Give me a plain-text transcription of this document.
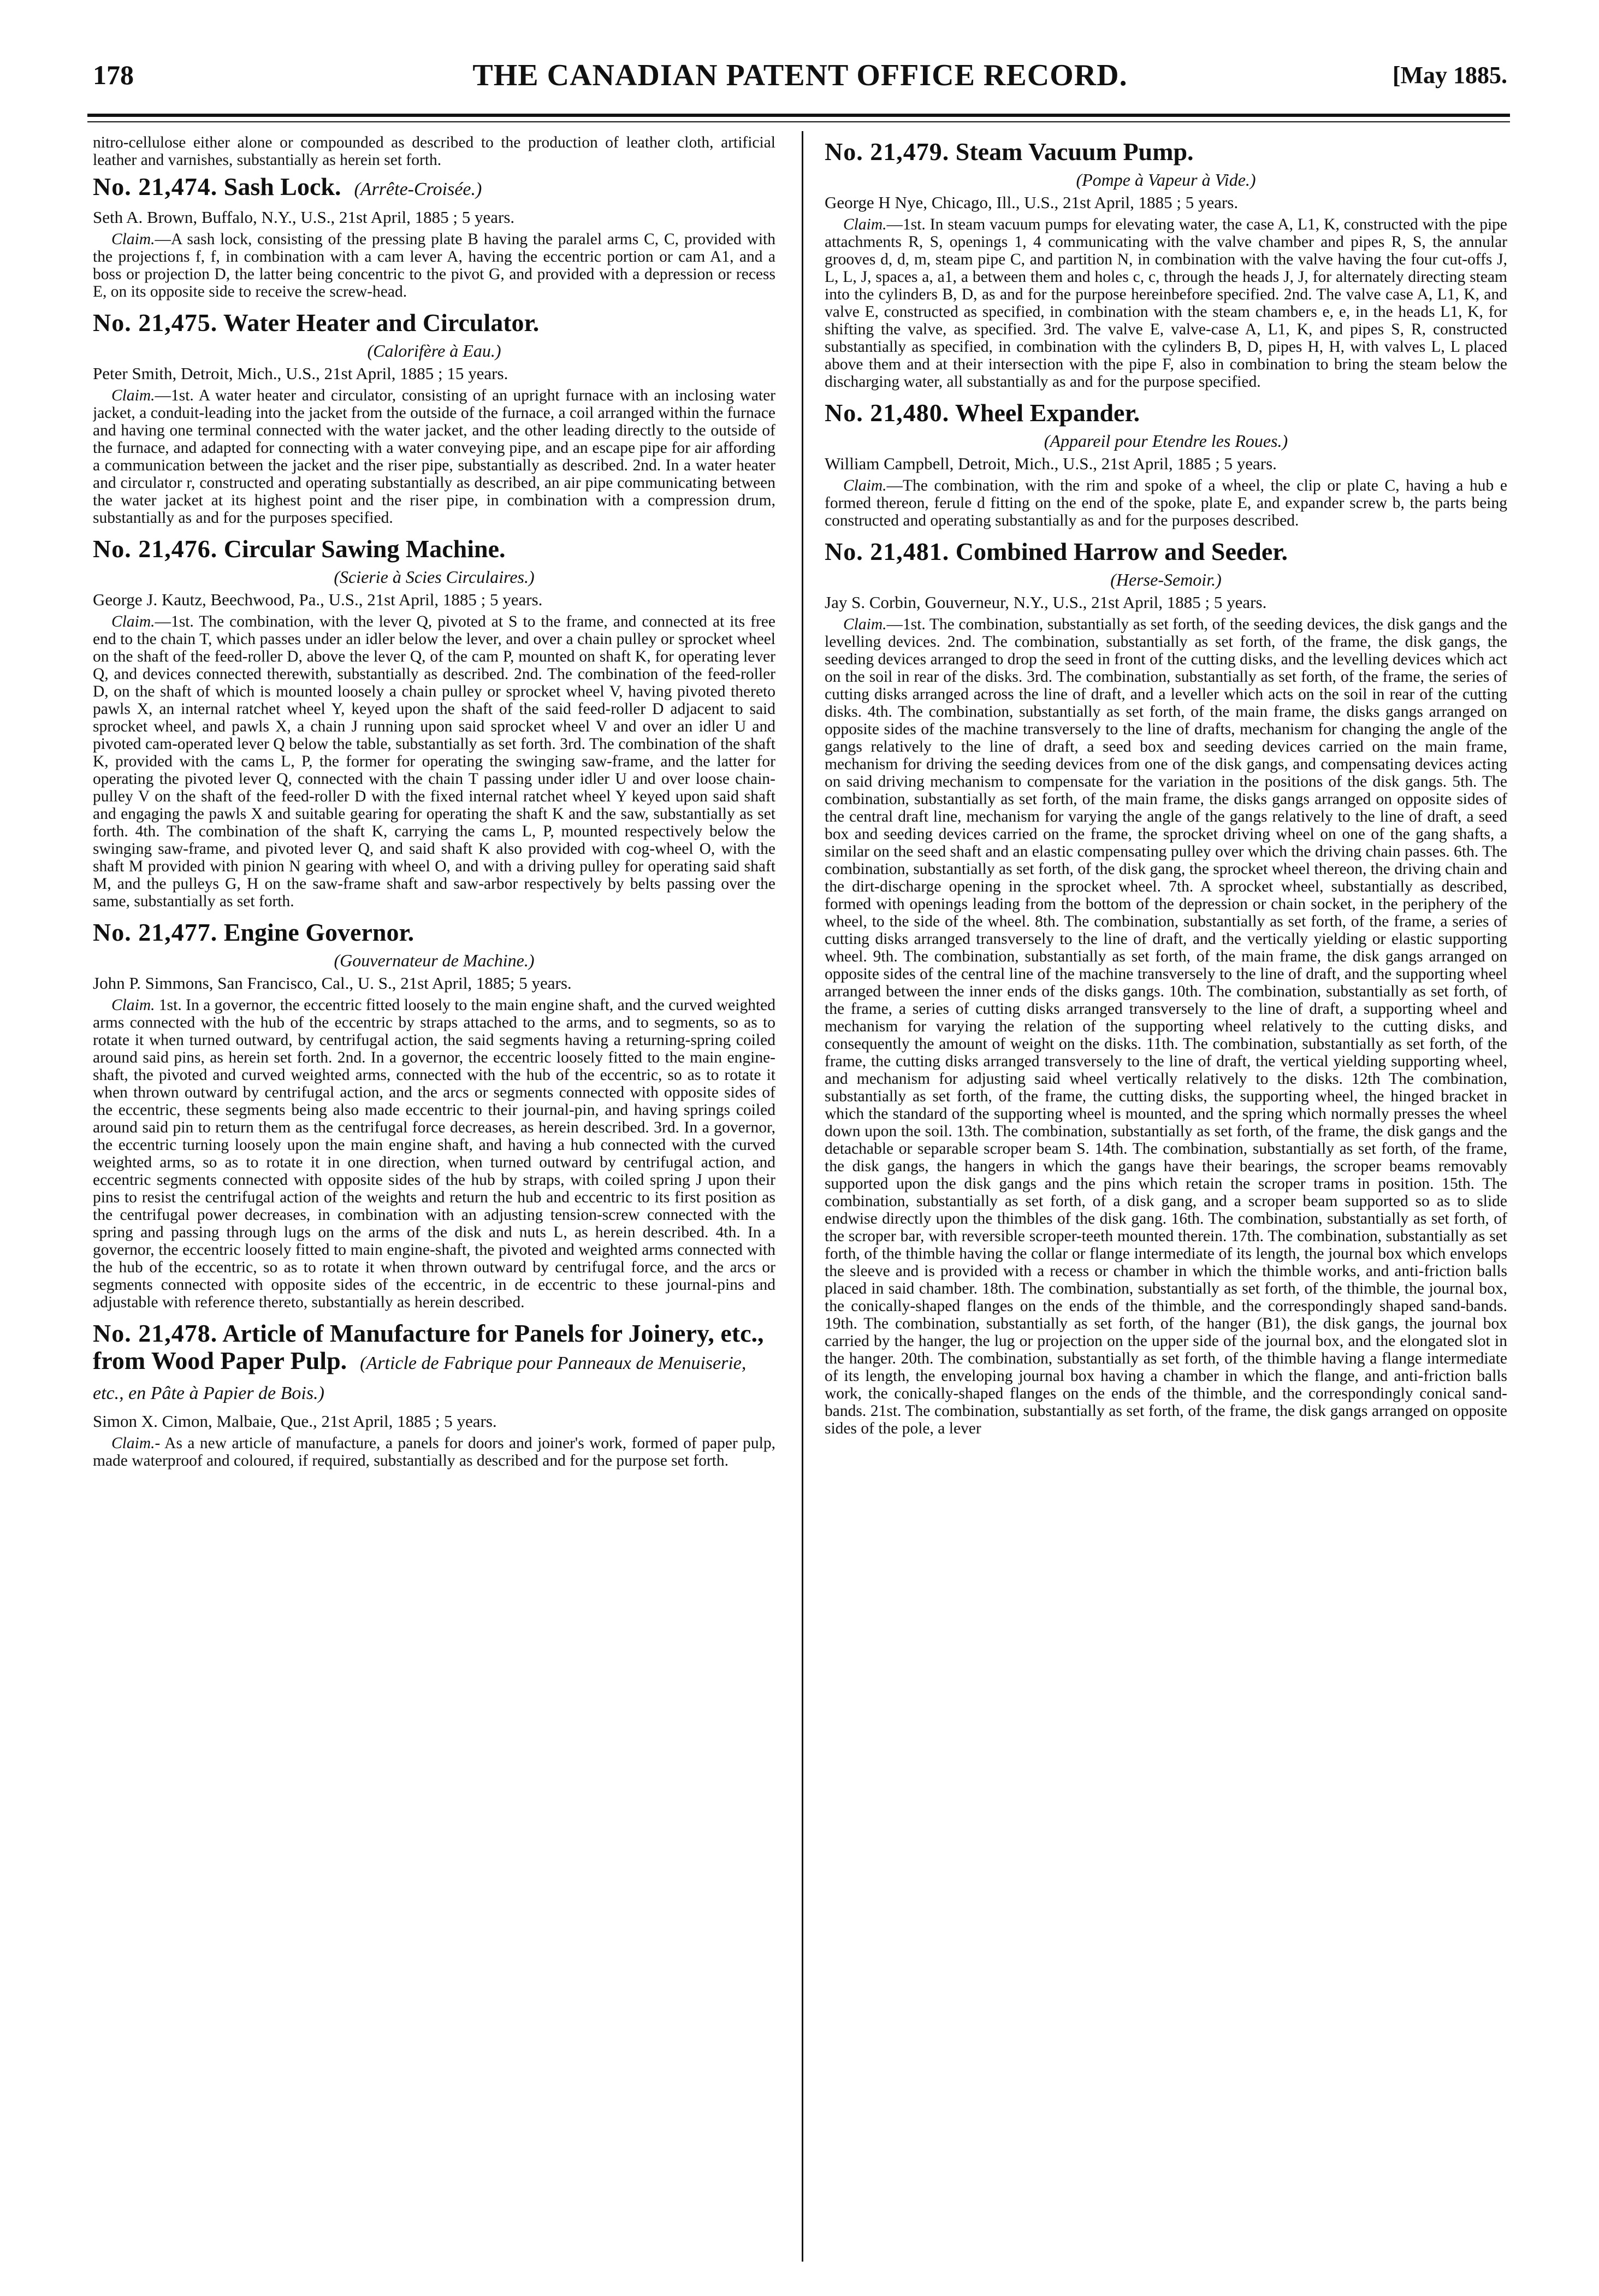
178	THE CANADIAN PATENT OFFICE RECORD.	[May 1885.

nitro-cellulose either alone or compounded as described to the production of leather cloth, artificial leather and varnishes, substantially as herein set forth.

No. 21,474. Sash Lock. (Arrête-Croisée.)

Seth A. Brown, Buffalo, N.Y., U.S., 21st April, 1885 ; 5 years.

Claim.—A sash lock, consisting of the pressing plate B having the paralel arms C, C, provided with the projections f, f, in combination with a cam lever A, having the eccentric portion or cam A1, and a boss or projection D, the latter being concentric to the pivot G, and provided with a depression or recess E, on its opposite side to receive the screw-head.

No. 21,475. Water Heater and Circulator.

(Calorifère à Eau.)

Peter Smith, Detroit, Mich., U.S., 21st April, 1885 ; 15 years.

Claim.—1st. A water heater and circulator, consisting of an upright furnace with an inclosing water jacket, a conduit-leading into the jacket from the outside of the furnace, a coil arranged within the furnace and having one terminal connected with the water jacket, and the other leading directly to the outside of the furnace, and adapted for connecting with a water conveying pipe, and an escape pipe for air affording a communication between the jacket and the riser pipe, substantially as described. 2nd. In a water heater and circulator r, constructed and operating substantially as described, an air pipe communicating between the water jacket at its highest point and the riser pipe, in combination with a compression drum, substantially as and for the purposes specified.

No. 21,476. Circular Sawing Machine.

(Scierie à Scies Circulaires.)

George J. Kautz, Beechwood, Pa., U.S., 21st April, 1885 ; 5 years.

Claim.—1st. The combination, with the lever Q, pivoted at S to the frame, and connected at its free end to the chain T, which passes under an idler below the lever, and over a chain pulley or sprocket wheel on the shaft of the feed-roller D, above the lever Q, of the cam P, mounted on shaft K, for operating lever Q, and devices connected therewith, substantially as described. 2nd. The combination of the feed-roller D, on the shaft of which is mounted loosely a chain pulley or sprocket wheel V, having pivoted thereto pawls X, an internal ratchet wheel Y, keyed upon the shaft of the said feed-roller D adjacent to said sprocket wheel, and pawls X, a chain J running upon said sprocket wheel V and over an idler U and pivoted cam-operated lever Q below the table, substantially as set forth. 3rd. The combination of the shaft K, provided with the cams L, P, the former for operating the swinging saw-frame, and the latter for operating the pivoted lever Q, connected with the chain T passing under idler U and over loose chain-pulley V on the shaft of the feed-roller D with the fixed internal ratchet wheel Y keyed upon said shaft and engaging the pawls X and suitable gearing for operating the shaft K and the saw, substantially as set forth. 4th. The combination of the shaft K, carrying the cams L, P, mounted respectively below the swinging saw-frame, and pivoted lever Q, and said shaft K also provided with cog-wheel O, with the shaft M provided with pinion N gearing with wheel O, and with a driving pulley for operating said shaft M, and the pulleys G, H on the saw-frame shaft and saw-arbor respectively by belts passing over the same, substantially as set forth.

No. 21,477. Engine Governor.

(Gouvernateur de Machine.)

John P. Simmons, San Francisco, Cal., U. S., 21st April, 1885; 5 years.

Claim. 1st. In a governor, the eccentric fitted loosely to the main engine shaft, and the curved weighted arms connected with the hub of the eccentric by straps attached to the arms, and to segments, so as to rotate it when turned outward, by centrifugal action, the said segments having a returning-spring coiled around said pins, as herein set forth. 2nd. In a governor, the eccentric loosely fitted to the main engine-shaft, the pivoted and curved weighted arms, connected with the hub of the eccentric, so as to rotate it when thrown outward by centrifugal action, and the arcs or segments connected with opposite sides of the eccentric, these segments being also made eccentric to their journal-pin, and having springs coiled around said pin to return them as the centrifugal force decreases, as herein described. 3rd. In a governor, the eccentric turning loosely upon the main engine shaft, and having a hub connected with the curved weighted arms, so as to rotate it in one direction, when turned outward by centrifugal action, and eccentric segments connected with opposite sides of the hub by straps, with coiled spring J upon their pins to resist the centrifugal action of the weights and return the hub and eccentric to its first position as the centrifugal power decreases, in combination with an adjusting tension-screw connected with the spring and passing through lugs on the arms of the disk and nuts L, as herein described. 4th. In a governor, the eccentric loosely fitted to main engine-shaft, the pivoted and weighted arms connected with the hub of the eccentric, so as to rotate it when thrown outward by centrifugal force, and the arcs or segments connected with opposite sides of the eccentric, in de eccentric to these journal-pins and adjustable with reference thereto, substantially as herein described.

No. 21,478. Article of Manufacture for Panels for Joinery, etc., from Wood Paper Pulp. (Article de Fabrique pour Panneaux de Menuiserie, etc., en Pâte à Papier de Bois.)

Simon X. Cimon, Malbaie, Que., 21st April, 1885 ; 5 years.

Claim.- As a new article of manufacture, a panels for doors and joiner's work, formed of paper pulp, made waterproof and coloured, if required, substantially as described and for the purpose set forth.

No. 21,479. Steam Vacuum Pump.

(Pompe à Vapeur à Vide.)

George H Nye, Chicago, Ill., U.S., 21st April, 1885 ; 5 years.

Claim.—1st. In steam vacuum pumps for elevating water, the case A, L1, K, constructed with the pipe attachments R, S, openings 1, 4 communicating with the valve chamber and pipes R, S, the annular grooves d, d, m, steam pipe C, and partition N, in combination with the valve having the four cut-offs J, L, L, J, spaces a, a1, a between them and holes c, c, through the heads J, J, for alternately directing steam into the cylinders B, D, as and for the purpose hereinbefore specified. 2nd. The valve case A, L1, K, and valve E, constructed as specified, in combination with the steam chambers e, e, in the heads L1, K, for shifting the valve, as specified. 3rd. The valve E, valve-case A, L1, K, and pipes S, R, constructed substantially as specified, in combination with the cylinders B, D, pipes H, H, with valves L, L placed above them and at their intersection with the pipe F, also in combination to bring the steam below the discharging water, all substantially as and for the purpose specified.

No. 21,480. Wheel Expander.

(Appareil pour Etendre les Roues.)

William Campbell, Detroit, Mich., U.S., 21st April, 1885 ; 5 years.

Claim.—The combination, with the rim and spoke of a wheel, the clip or plate C, having a hub e formed thereon, ferule d fitting on the end of the spoke, plate E, and expander screw b, the parts being constructed and operating substantially as and for the purposes described.

No. 21,481. Combined Harrow and Seeder.

(Herse-Semoir.)

Jay S. Corbin, Gouverneur, N.Y., U.S., 21st April, 1885 ; 5 years.

Claim.—1st. The combination, substantially as set forth, of the seeding devices, the disk gangs and the levelling devices. 2nd. The combination, substantially as set forth, of the frame, the disk gangs, the seeding devices arranged to drop the seed in front of the cutting disks, and the levelling devices which act on the soil in rear of the disks. 3rd. The combination, substantially as set forth, of the frame, the series of cutting disks arranged across the line of draft, and a leveller which acts on the soil in rear of the cutting disks. 4th. The combination, substantially as set forth, of the main frame, the disks gangs arranged on opposite sides of the machine transversely to the line of drafts, mechanism for changing the angle of the gangs relatively to the line of draft, a seed box and seeding devices carried on the main frame, mechanism for driving the seeding devices from one of the disk gangs, and compensating devices acting on said driving mechanism to compensate for the variation in the positions of the disk gangs. 5th. The combination, substantially as set forth, of the main frame, the disks gangs arranged on opposite sides of the central draft line, mechanism for varying the angle of the gangs relatively to the line of draft, a seed box and seeding devices carried on the frame, the sprocket driving wheel on one of the gang shafts, a similar on the seed shaft and an elastic compensating pulley over which the driving chain passes. 6th. The combination, substantially as set forth, of the disk gang, the sprocket wheel thereon, the driving chain and the dirt-discharge opening in the sprocket wheel. 7th. A sprocket wheel, substantially as described, formed with openings leading from the bottom of the depression or chain socket, in the periphery of the wheel, to the side of the wheel. 8th. The combination, substantially as set forth, of the frame, a series of cutting disks arranged transversely to the line of draft, and the vertically yielding or elastic supporting wheel. 9th. The combination, substantially as set forth, of the main frame, the disk gangs arranged on opposite sides of the central line of the machine transversely to the line of draft, and the supporting wheel arranged between the inner ends of the disks gangs. 10th. The combination, substantially as set forth, of the frame, a series of cutting disks arranged transversely to the line of draft, a supporting wheel and mechanism for varying the relation of the supporting wheel relatively to the cutting disks, and consequently the amount of weight on the disks. 11th. The combination, substantially as set forth, of the frame, the cutting disks arranged transversely to the line of draft, the vertical yielding supporting wheel, and mechanism for adjusting said wheel vertically relatively to the disks. 12th The combination, substantially as set forth, of the frame, the cutting disks, the supporting wheel, the hinged bracket in which the standard of the supporting wheel is mounted, and the spring which normally presses the wheel down upon the soil. 13th. The combination, substantially as set forth, of the frame, the disk gangs and the detachable or separable scroper beam S. 14th. The combination, substantially as set forth, of the frame, the disk gangs, the hangers in which the gangs have their bearings, the scroper beams removably supported upon the disk gangs and the pins which retain the scroper trams in position. 15th. The combination, substantially as set forth, of a disk gang, and a scroper beam supported so as to slide endwise directly upon the thimbles of the disk gang. 16th. The combination, substantially as set forth, of the scroper bar, with reversible scroper-teeth mounted therein. 17th. The combination, substantially as set forth, of the thimble having the collar or flange intermediate of its length, the journal box which envelops the sleeve and is provided with a recess or chamber in which the thimble works, and anti-friction balls placed in said chamber. 18th. The combination, substantially as set forth, of the thimble, the journal box, the conically-shaped flanges on the ends of the thimble, and the correspondingly shaped sand-bands. 19th. The combination, substantially as set forth, of the hanger (B1), the disk gangs, the journal box carried by the hanger, the lug or projection on the upper side of the journal box, and the elongated slot in the hanger. 20th. The combination, substantially as set forth, of the thimble having a flange intermediate of its length, the enveloping journal box having a chamber in which the flange, and anti-friction balls work, the conically-shaped flanges on the ends of the thimble, and the correspondingly conical sand-bands. 21st. The combination, substantially as set forth, of the frame, the disk gangs arranged on opposite sides of the pole, a lever
